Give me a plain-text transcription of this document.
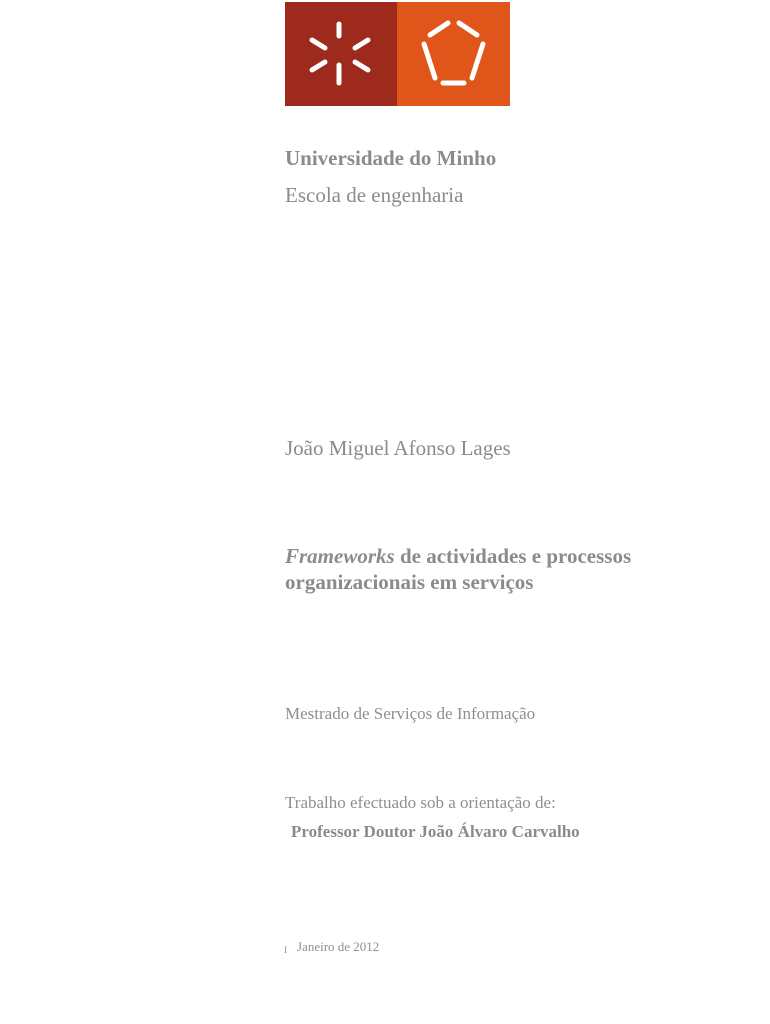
Universidade do Minho

Escola de engenharia

João Miguel Afonso Lages

Frameworks de actividades e processos
organizacionais em serviços

Mestrado de Serviços de Informação

Trabalho efectuado sob a orientação de:

Professor Doutor João Álvaro Carvalho

I Janeiro de 2012
